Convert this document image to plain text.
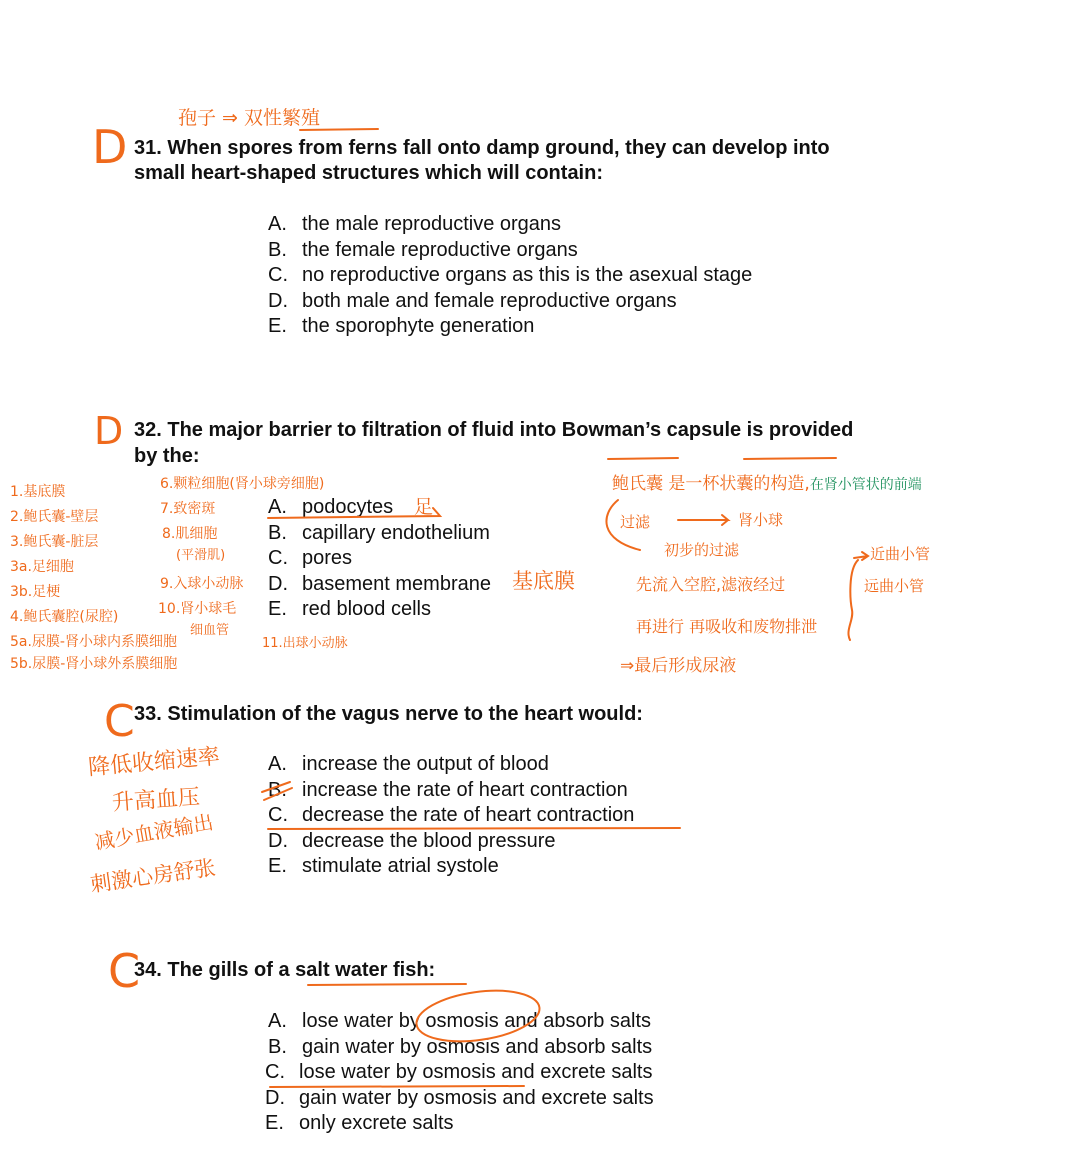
孢子 ⇒ 双性繁殖
D 31. When spores from ferns fall onto damp ground, they can develop into
small heart-shaped structures which will contain:
A. the male reproductive organs
B. the female reproductive organs
C. no reproductive organs as this is the asexual stage
D. both male and female reproductive organs
E. the sporophyte generation
D 32. The major barrier to filtration of fluid into Bowman’s capsule is provided
by the:
A. podocytes
B. capillary endothelium
C. pores
D. basement membrane
E. red blood cells
足
基底膜
1.基底膜
2.鲍氏囊-壁层
3.鲍氏囊-脏层
3a.足细胞
3b.足梗
4.鲍氏囊腔(尿腔)
5a.尿膜-肾小球内系膜细胞
5b.尿膜-肾小球外系膜细胞
6.颗粒细胞(肾小球旁细胞)
7.致密斑
8.肌细胞
(平滑肌)
9.入球小动脉
10.肾小球毛
细血管
11.出球小动脉
鲍氏囊 是一杯状囊的构造,在肾小管状的前端
过滤	肾小球
初步的过滤
先流入空腔,滤液经过
再进行 再吸收和废物排泄
⇒最后形成尿液
近曲小管
远曲小管
C 33. Stimulation of the vagus nerve to the heart would:
A. increase the output of blood
B. increase the rate of heart contraction
C. decrease the rate of heart contraction
D. decrease the blood pressure
E. stimulate atrial systole
降低收缩速率
升高血压
减少血液输出
刺激心房舒张
C
34. The gills of a salt water fish:
A. lose water by osmosis and absorb salts
B. gain water by osmosis and absorb salts
C. lose water by osmosis and excrete salts
D. gain water by osmosis and excrete salts
E. only excrete salts
